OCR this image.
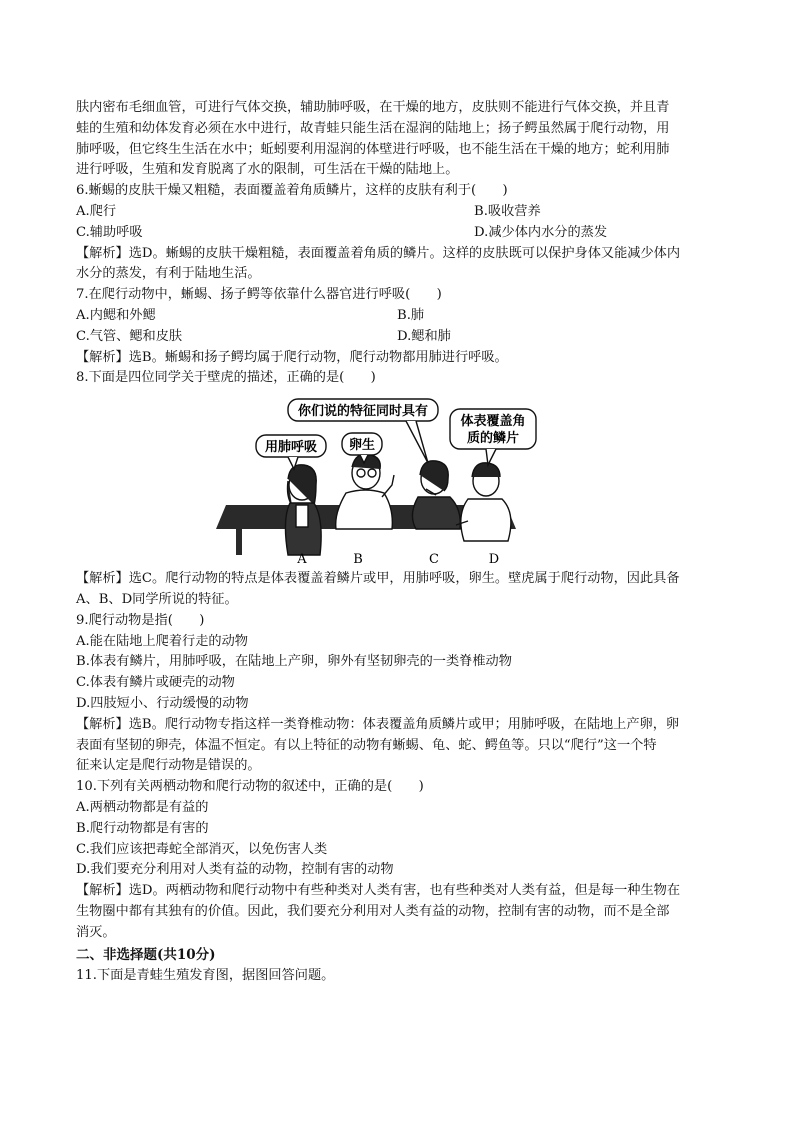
肤内密布毛细血管，可进行气体交换，辅助肺呼吸，在干燥的地方，皮肤则不能进行气体交换，并且青

蛙的生殖和幼体发育必须在水中进行，故青蛙只能生活在湿润的陆地上；扬子鳄虽然属于爬行动物，用

肺呼吸，但它终生生活在水中；蚯蚓要利用湿润的体壁进行呼吸，也不能生活在干燥的地方；蛇利用肺

进行呼吸，生殖和发育脱离了水的限制，可生活在干燥的陆地上。

6.蜥蜴的皮肤干燥又粗糙，表面覆盖着角质鳞片，这样的皮肤有利于(　　)

A.爬行	B.吸收营养
C.辅助呼吸	D.减少体内水分的蒸发

【解析】选D。蜥蜴的皮肤干燥粗糙，表面覆盖着角质的鳞片。这样的皮肤既可以保护身体又能减少体内

水分的蒸发，有利于陆地生活。

7.在爬行动物中，蜥蜴、扬子鳄等依靠什么器官进行呼吸(　　)

A.内鳃和外鳃	B.肺
C.气管、鳃和皮肤	D.鳃和肺

【解析】选B。蜥蜴和扬子鳄均属于爬行动物，爬行动物都用肺进行呼吸。

8.下面是四位同学关于壁虎的描述，正确的是(　　)

用肺呼吸 卵生
你们说的特征同时具有
体表覆盖角
质的鳞片
A	B	C	D

【解析】选C。爬行动物的特点是体表覆盖着鳞片或甲，用肺呼吸，卵生。壁虎属于爬行动物，因此具备

A、B、D同学所说的特征。

9.爬行动物是指(　　)

A.能在陆地上爬着行走的动物

B.体表有鳞片，用肺呼吸，在陆地上产卵，卵外有坚韧卵壳的一类脊椎动物

C.体表有鳞片或硬壳的动物

D.四肢短小、行动缓慢的动物

【解析】选B。爬行动物专指这样一类脊椎动物：体表覆盖角质鳞片或甲；用肺呼吸，在陆地上产卵，卵

表面有坚韧的卵壳，体温不恒定。有以上特征的动物有蜥蜴、龟、蛇、鳄鱼等。只以“爬行”这一个特

征来认定是爬行动物是错误的。

10.下列有关两栖动物和爬行动物的叙述中，正确的是(　　)

A.两栖动物都是有益的

B.爬行动物都是有害的

C.我们应该把毒蛇全部消灭，以免伤害人类

D.我们要充分利用对人类有益的动物，控制有害的动物

【解析】选D。两栖动物和爬行动物中有些种类对人类有害，也有些种类对人类有益，但是每一种生物在

生物圈中都有其独有的价值。因此，我们要充分利用对人类有益的动物，控制有害的动物，而不是全部

消灭。

二、非选择题(共10分)

11.下面是青蛙生殖发育图，据图回答问题。
